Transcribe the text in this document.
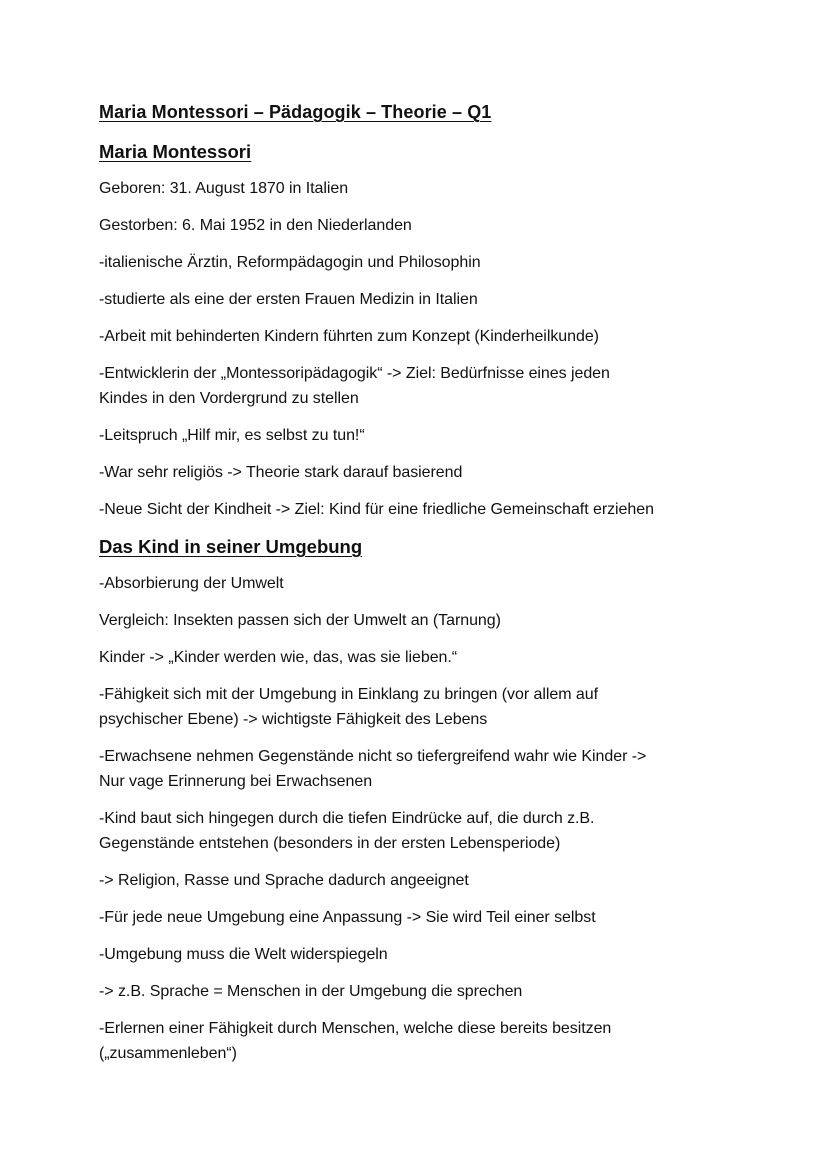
Maria Montessori – Pädagogik – Theorie – Q1
Maria Montessori
Geboren: 31. August 1870 in Italien
Gestorben: 6. Mai 1952 in den Niederlanden
-italienische Ärztin, Reformpädagogin und Philosophin
-studierte als eine der ersten Frauen Medizin in Italien
-Arbeit mit behinderten Kindern führten zum Konzept (Kinderheilkunde)
-Entwicklerin der „Montessoripädagogik“ -> Ziel: Bedürfnisse eines jeden
Kindes in den Vordergrund zu stellen
-Leitspruch „Hilf mir, es selbst zu tun!“
-War sehr religiös -> Theorie stark darauf basierend
-Neue Sicht der Kindheit -> Ziel: Kind für eine friedliche Gemeinschaft erziehen
Das Kind in seiner Umgebung
-Absorbierung der Umwelt
Vergleich: Insekten passen sich der Umwelt an (Tarnung)
Kinder -> „Kinder werden wie, das, was sie lieben.“
-Fähigkeit sich mit der Umgebung in Einklang zu bringen (vor allem auf
psychischer Ebene) -> wichtigste Fähigkeit des Lebens
-Erwachsene nehmen Gegenstände nicht so tiefergreifend wahr wie Kinder ->
Nur vage Erinnerung bei Erwachsenen
-Kind baut sich hingegen durch die tiefen Eindrücke auf, die durch z.B.
Gegenstände entstehen (besonders in der ersten Lebensperiode)
-> Religion, Rasse und Sprache dadurch angeeignet
-Für jede neue Umgebung eine Anpassung -> Sie wird Teil einer selbst
-Umgebung muss die Welt widerspiegeln
-> z.B. Sprache = Menschen in der Umgebung die sprechen
-Erlernen einer Fähigkeit durch Menschen, welche diese bereits besitzen
(„zusammenleben“)
